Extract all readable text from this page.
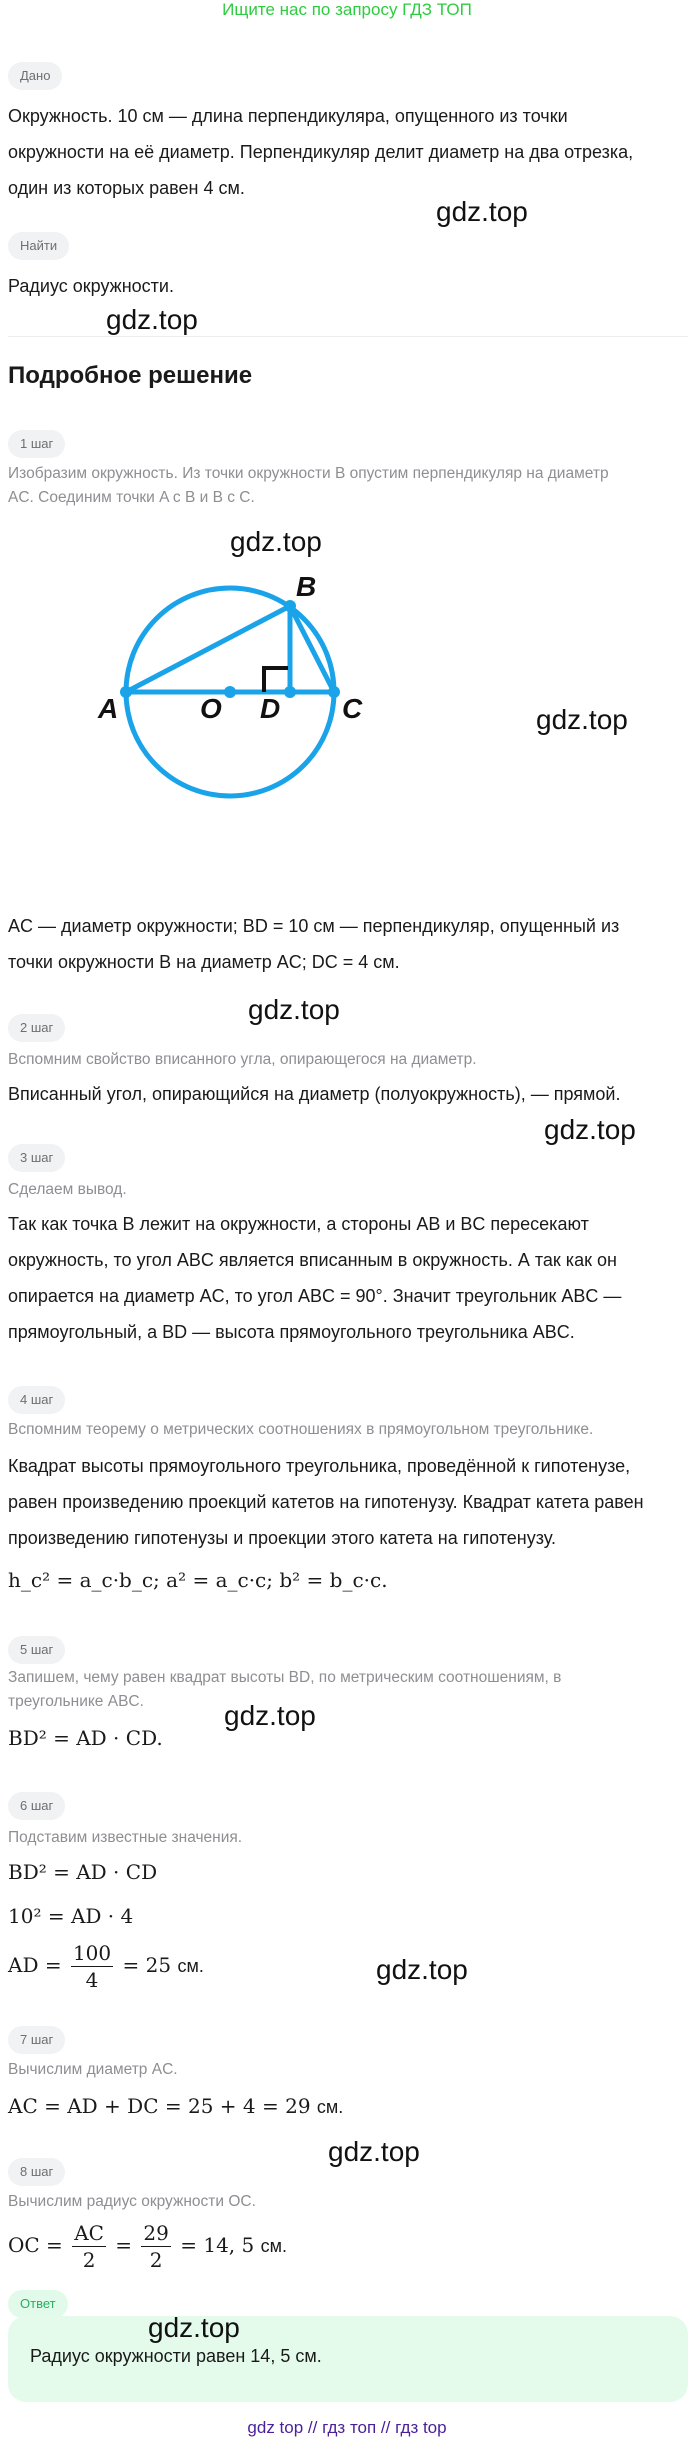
Ищите нас по запросу ГДЗ ТОП
Дано
Окружность. 10 см — длина перпендикуляра, опущенного из точки
окружности на её диаметр. Перпендикуляр делит диаметр на два отрезка,
один из которых равен 4 см.
gdz.top
Найти
Радиус окружности.
gdz.top
Подробное решение
1 шаг
Изобразим окружность. Из точки окружности B опустим перпендикуляр на диаметр
AC. Соединим точки A с B и B с C.
gdz.top
A	O D C
B
gdz.top
AC — диаметр окружности; BD = 10 см — перпендикуляр, опущенный из
точки окружности B на диаметр AC; DC = 4 см.
gdz.top
2 шаг
Вспомним свойство вписанного угла, опирающегося на диаметр.
Вписанный угол, опирающийся на диаметр (полуокружность), — прямой.
gdz.top
3 шаг
Сделаем вывод.
Так как точка B лежит на окружности, а стороны AB и BC пересекают
окружность, то угол ABC является вписанным в окружность. А так как он
опирается на диаметр AC, то угол ABC = 90°. Значит треугольник ABC —
прямоугольный, а BD — высота прямоугольного треугольника ABC.
4 шаг
Вспомним теорему о метрических соотношениях в прямоугольном треугольнике.
Квадрат высоты прямоугольного треугольника, проведённой к гипотенузе,
равен произведению проекций катетов на гипотенузу. Квадрат катета равен
произведению гипотенузы и проекции этого катета на гипотенузу.
h_c² = a_c·b_c; a² = a_c·c; b² = b_c·c.
5 шаг
Запишем, чему равен квадрат высоты BD, по метрическим соотношениям, в
треугольнике ABC.	gdz.top
BD² = AD · CD.
6 шаг
Подставим известные значения.
BD² = AD · CD
10² = AD · 4
AD = $\frac{100}{4} = 25$ см.	gdz.top
7 шаг
Вычислим диаметр AC.
AC = AD + DC = 25 + 4 = 29 см.
gdz.top
8 шаг
Вычислим радиус окружности OC.
OC = $\frac{AC}{2} = \frac{29}{2} = 14$, 5 см.
Ответ
Радиус окружности равен 14, 5 см.
gdz.top
gdz top // гдз топ // гдз top
